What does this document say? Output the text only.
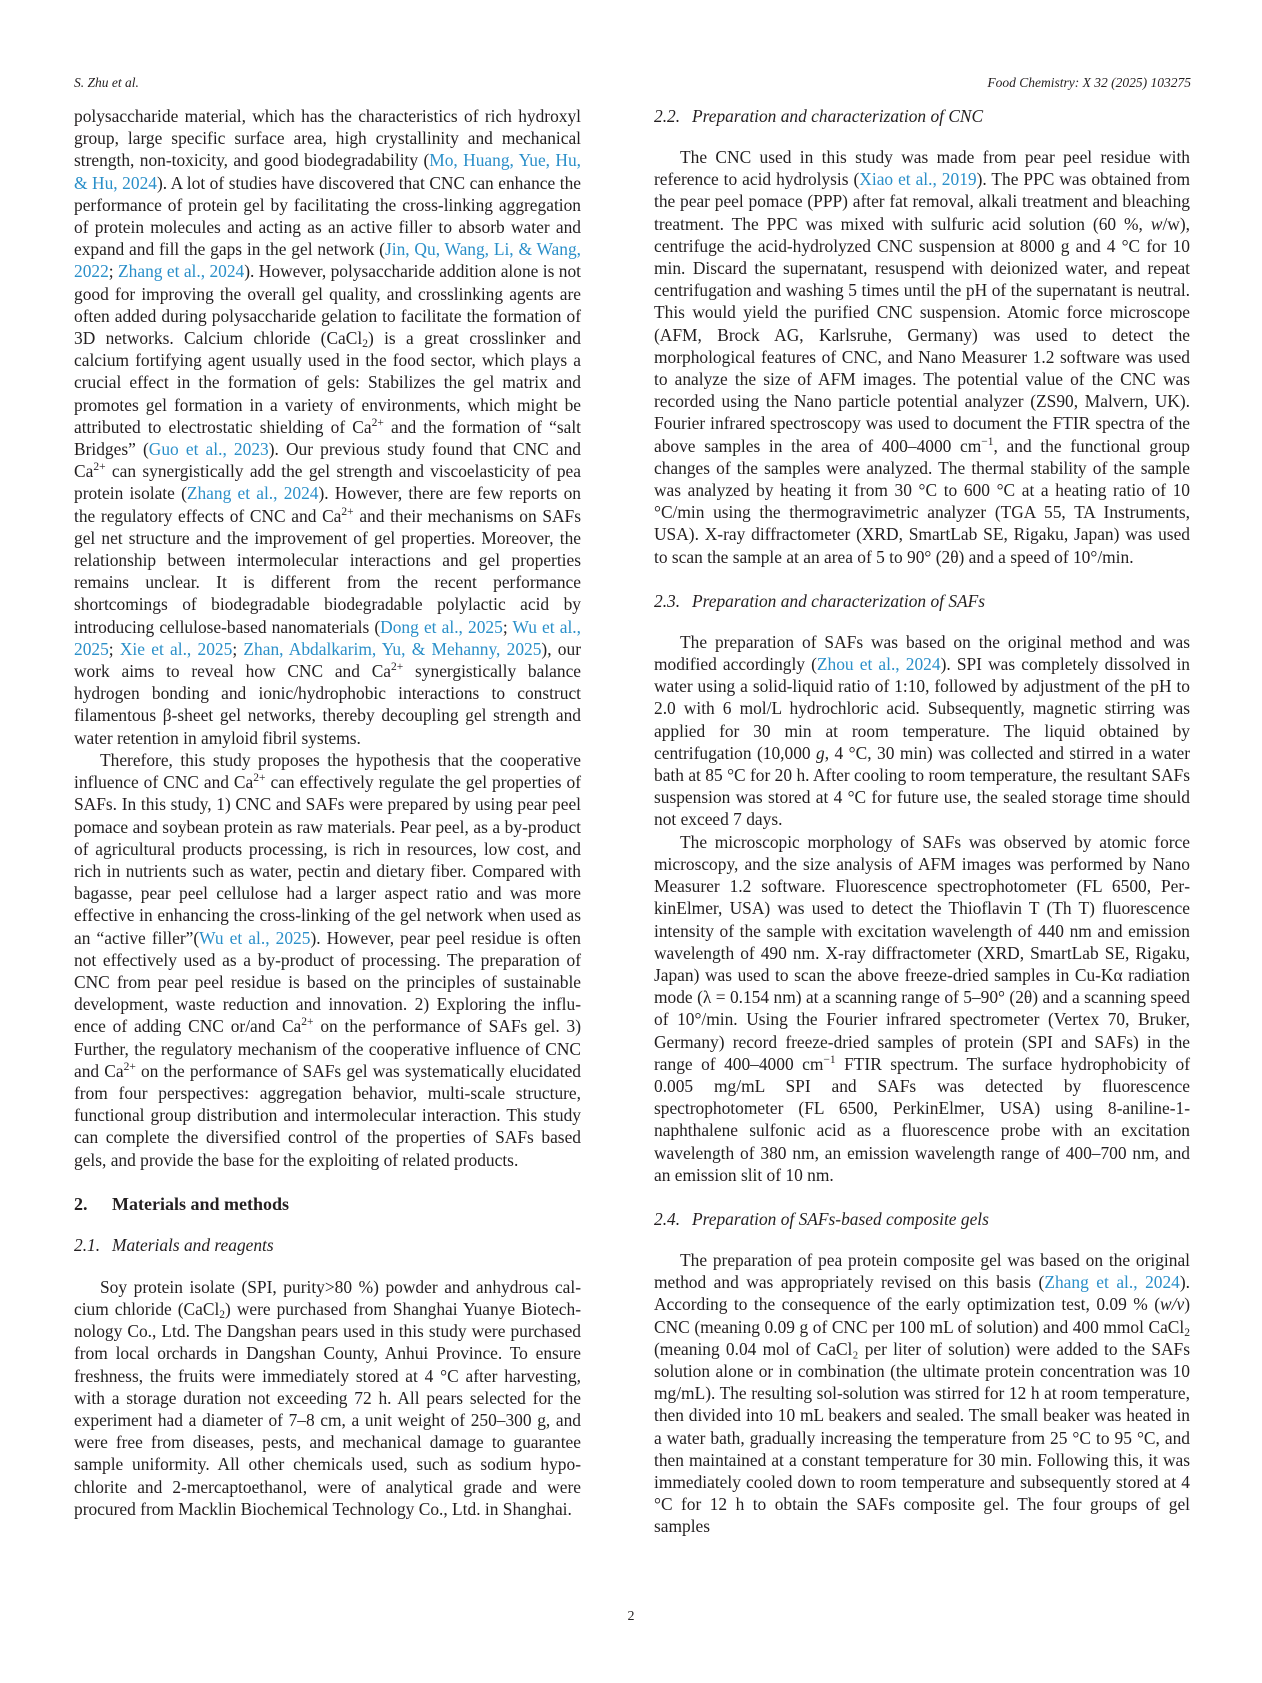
S. Zhu et al.	Food Chemistry: X 32 (2025) 103275

polysaccharide material, which has the characteristics of rich hydroxyl group, large specific surface area, high crystallinity and mechanical strength, non-toxicity, and good biodegradability (Mo, Huang, Yue, Hu, & Hu, 2024). A lot of studies have discovered that CNC can enhance the performance of protein gel by facilitating the cross-linking aggregation of protein molecules and acting as an active filler to absorb water and expand and fill the gaps in the gel network (Jin, Qu, Wang, Li, & Wang, 2022; Zhang et al., 2024). However, polysaccharide addition alone is not good for improving the overall gel quality, and crosslinking agents are often added during polysaccharide gelation to facilitate the formation of 3D networks. Calcium chloride (CaCl$_2$) is a great crosslinker and calcium fortifying agent usually used in the food sector, which plays a crucial effect in the formation of gels: Stabilizes the gel matrix and promotes gel formation in a variety of environments, which might be attributed to electrostatic shielding of $Ca^{2+}$ and the formation of “salt Bridges” (Guo et al., 2023). Our previous study found that CNC and $Ca^{2+}$ can synergistically add the gel strength and viscoelasticity of pea protein isolate (Zhang et al., 2024). However, there are few reports on the regulatory effects of CNC and $Ca^{2+}$ and their mechanisms on SAFs gel net structure and the improvement of gel properties. Moreover, the relationship between intermolecular interactions and gel properties remains unclear. It is different from the recent performance shortcomings of biodegradable biodegradable polylactic acid by introducing cellulose-based nanomaterials (Dong et al., 2025; Wu et al., 2025; Xie et al., 2025; Zhan, Abdalkarim, Yu, & Mehanny, 2025), our work aims to reveal how CNC and $Ca^{2+}$ synergistically balance hydrogen bonding and ionic/hydrophobic interactions to construct filamentous β-sheet gel networks, thereby decoupling gel strength and water retention in amyloid fibril systems.

Therefore, this study proposes the hypothesis that the cooperative influence of CNC and $Ca^{2+}$ can effectively regulate the gel properties of SAFs. In this study, 1) CNC and SAFs were prepared by using pear peel pomace and soybean protein as raw materials. Pear peel, as a by-product of agricultural products processing, is rich in resources, low cost, and rich in nutrients such as water, pectin and dietary fiber. Compared with bagasse, pear peel cellulose had a larger aspect ratio and was more effective in enhancing the cross-linking of the gel network when used as an “active filler”(Wu et al., 2025). However, pear peel residue is often not effectively used as a by-product of processing. The preparation of CNC from pear peel residue is based on the principles of sustainable development, waste reduction and innovation. 2) Exploring the influence of adding CNC or/and $Ca^{2+}$ on the performance of SAFs gel. 3) Further, the regulatory mechanism of the cooperative influence of CNC and $Ca^{2+}$ on the performance of SAFs gel was systematically elucidated from four perspectives: aggregation behavior, multi-scale structure, functional group distribution and intermolecular interaction. This study can complete the diversified control of the properties of SAFs based gels, and provide the base for the exploiting of related products.

2. Materials and methods
2.1. Materials and reagents

Soy protein isolate (SPI, purity>80 %) powder and anhydrous calcium chloride (CaCl$_2$) were purchased from Shanghai Yuanye Biotechnology Co., Ltd. The Dangshan pears used in this study were purchased from local orchards in Dangshan County, Anhui Province. To ensure freshness, the fruits were immediately stored at 4 °C after harvesting, with a storage duration not exceeding 72 h. All pears selected for the experiment had a diameter of 7–8 cm, a unit weight of 250–300 g, and were free from diseases, pests, and mechanical damage to guarantee sample uniformity. All other chemicals used, such as sodium hypochlorite and 2-mercaptoethanol, were of analytical grade and were procured from Macklin Biochemical Technology Co., Ltd. in Shanghai.

2.2. Preparation and characterization of CNC

The CNC used in this study was made from pear peel residue with reference to acid hydrolysis (Xiao et al., 2019). The PPC was obtained from the pear peel pomace (PPP) after fat removal, alkali treatment and bleaching treatment. The PPC was mixed with sulfuric acid solution (60 %, w/w), centrifuge the acid-hydrolyzed CNC suspension at 8000 g and 4 °C for 10 min. Discard the supernatant, resuspend with deionized water, and repeat centrifugation and washing 5 times until the pH of the supernatant is neutral. This would yield the purified CNC suspension. Atomic force microscope (AFM, Brock AG, Karlsruhe, Germany) was used to detect the morphological features of CNC, and Nano Measurer 1.2 software was used to analyze the size of AFM images. The potential value of the CNC was recorded using the Nano particle potential analyzer (ZS90, Malvern, UK). Fourier infrared spectroscopy was used to document the FTIR spectra of the above samples in the area of 400–4000 $cm^{-1}$, and the functional group changes of the samples were analyzed. The thermal stability of the sample was analyzed by heating it from 30 °C to 600 °C at a heating ratio of 10 °C/min using the thermogravimetric analyzer (TGA 55, TA Instruments, USA). X-ray diffractometer (XRD, SmartLab SE, Rigaku, Japan) was used to scan the sample at an area of 5 to 90° (2θ) and a speed of 10°/min.

2.3. Preparation and characterization of SAFs

The preparation of SAFs was based on the original method and was modified accordingly (Zhou et al., 2024). SPI was completely dissolved in water using a solid-liquid ratio of 1:10, followed by adjustment of the pH to 2.0 with 6 mol/L hydrochloric acid. Subsequently, magnetic stirring was applied for 30 min at room temperature. The liquid obtained by centrifugation (10,000 g, 4 °C, 30 min) was collected and stirred in a water bath at 85 °C for 20 h. After cooling to room temperature, the resultant SAFs suspension was stored at 4 °C for future use, the sealed storage time should not exceed 7 days.

The microscopic morphology of SAFs was observed by atomic force microscopy, and the size analysis of AFM images was performed by Nano Measurer 1.2 software. Fluorescence spectrophotometer (FL 6500, PerkinElmer, USA) was used to detect the Thioflavin T (Th T) fluorescence intensity of the sample with excitation wavelength of 440 nm and emission wavelength of 490 nm. X-ray diffractometer (XRD, SmartLab SE, Rigaku, Japan) was used to scan the above freeze-dried samples in Cu-Kα radiation mode (λ = 0.154 nm) at a scanning range of 5–90° (2θ) and a scanning speed of 10°/min. Using the Fourier infrared spectrometer (Vertex 70, Bruker, Germany) record freeze-dried samples of protein (SPI and SAFs) in the range of 400–4000 $cm^{-1}$ FTIR spectrum. The surface hydrophobicity of 0.005 mg/mL SPI and SAFs was detected by fluorescence spectrophotometer (FL 6500, PerkinElmer, USA) using 8-aniline-1-naphthalene sulfonic acid as a fluorescence probe with an excitation wavelength of 380 nm, an emission wavelength range of 400–700 nm, and an emission slit of 10 nm.

2.4. Preparation of SAFs-based composite gels

The preparation of pea protein composite gel was based on the original method and was appropriately revised on this basis (Zhang et al., 2024). According to the consequence of the early optimization test, 0.09 % (w/v) CNC (meaning 0.09 g of CNC per 100 mL of solution) and 400 mmol CaCl$_2$ (meaning 0.04 mol of CaCl₂ per liter of solution) were added to the SAFs solution alone or in combination (the ultimate protein concentration was 10 mg/mL). The resulting sol-solution was stirred for 12 h at room temperature, then divided into 10 mL beakers and sealed. The small beaker was heated in a water bath, gradually increasing the temperature from 25 °C to 95 °C, and then maintained at a constant temperature for 30 min. Following this, it was immediately cooled down to room temperature and subsequently stored at 4 °C for 12 h to obtain the SAFs composite gel. The four groups of gel samples

2
